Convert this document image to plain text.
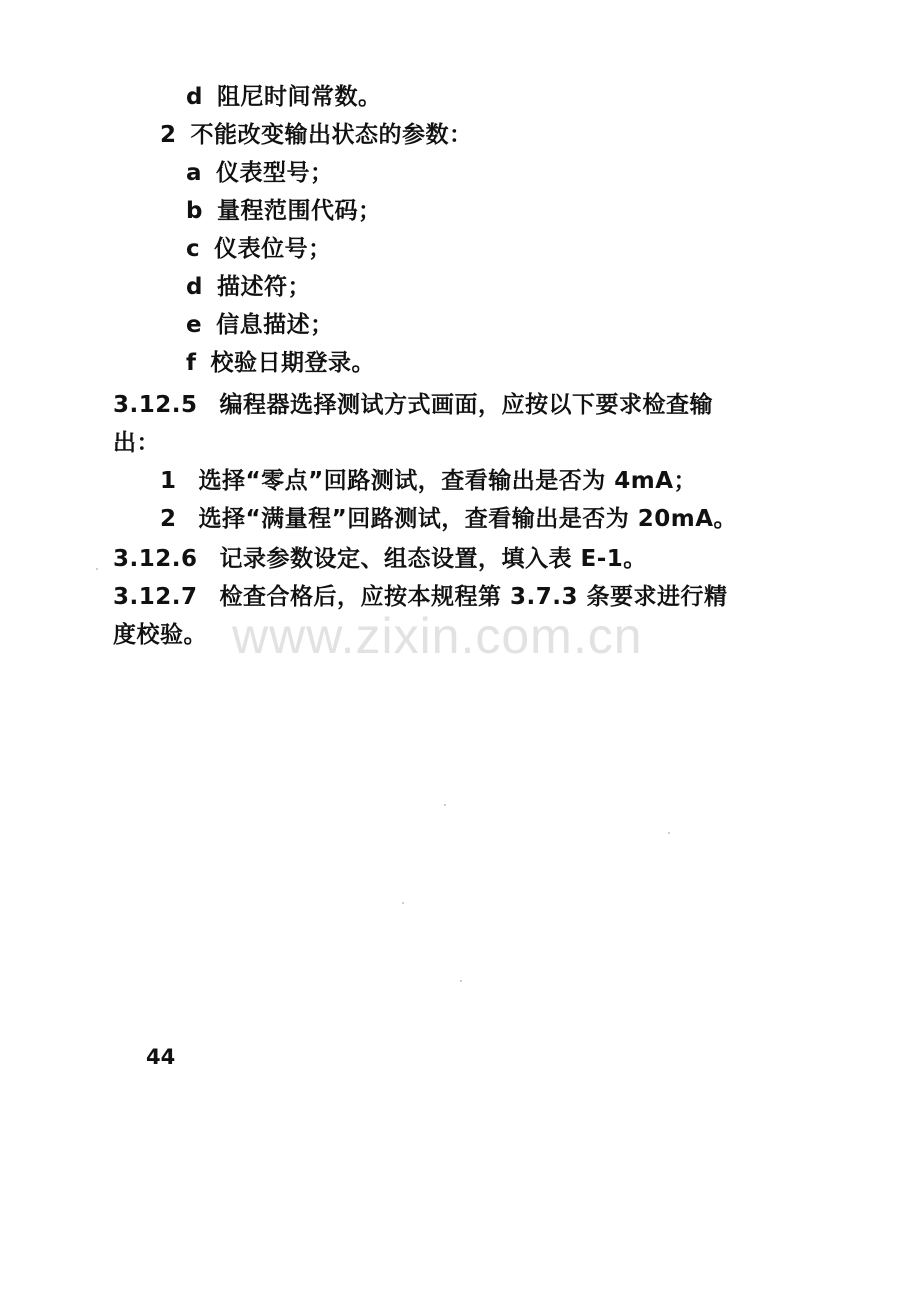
d 阻尼时间常数。
2 不能改变输出状态的参数：
a 仪表型号；
b 量程范围代码；
c 仪表位号；
d 描述符；
e 信息描述；
f 校验日期登录。
3.12.5 编程器选择测试方式画面，应按以下要求检查输
出：
1 选择“零点”回路测试，查看输出是否为 4mA；
2 选择“满量程”回路测试，查看输出是否为 20mA。
3.12.6 记录参数设定、组态设置，填入表 E-1。
3.12.7 检查合格后，应按本规程第 3.7.3 条要求进行精
度校验。 www.zixin.com.cn
44
